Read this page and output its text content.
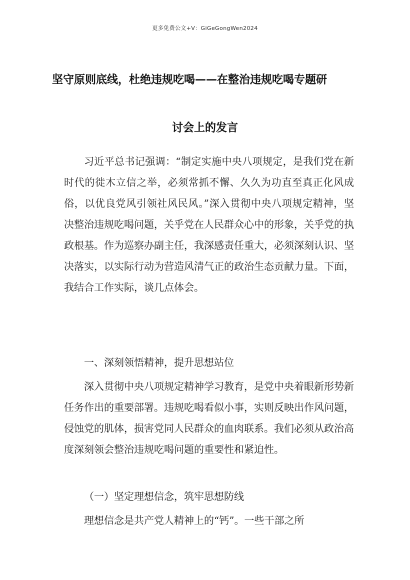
更多免费公文+V：GiGeGongWen2024
坚守原则底线，杜绝违规吃喝——在整治违规吃喝专题研
讨会上的发言

习近平总书记强调：“制定实施中央八项规定，是我们党在新时代的徙木立信之举，必须常抓不懈、久久为功直至真正化风成俗，以优良党风引领社风民风。”深入贯彻中央八项规定精神，坚决整治违规吃喝问题，关乎党在人民群众心中的形象，关乎党的执政根基。作为巡察办副主任，我深感责任重大，必须深刻认识、坚决落实，以实际行动为营造风清气正的政治生态贡献力量。下面，我结合工作实际，谈几点体会。

一、深刻领悟精神，提升思想站位

深入贯彻中央八项规定精神学习教育，是党中央着眼新形势新任务作出的重要部署。违规吃喝看似小事，实则反映出作风问题，侵蚀党的肌体，损害党同人民群众的血肉联系。我们必须从政治高度深刻领会整治违规吃喝问题的重要性和紧迫性。

（一）坚定理想信念，筑牢思想防线

理想信念是共产党人精神上的“钙”。一些干部之所
